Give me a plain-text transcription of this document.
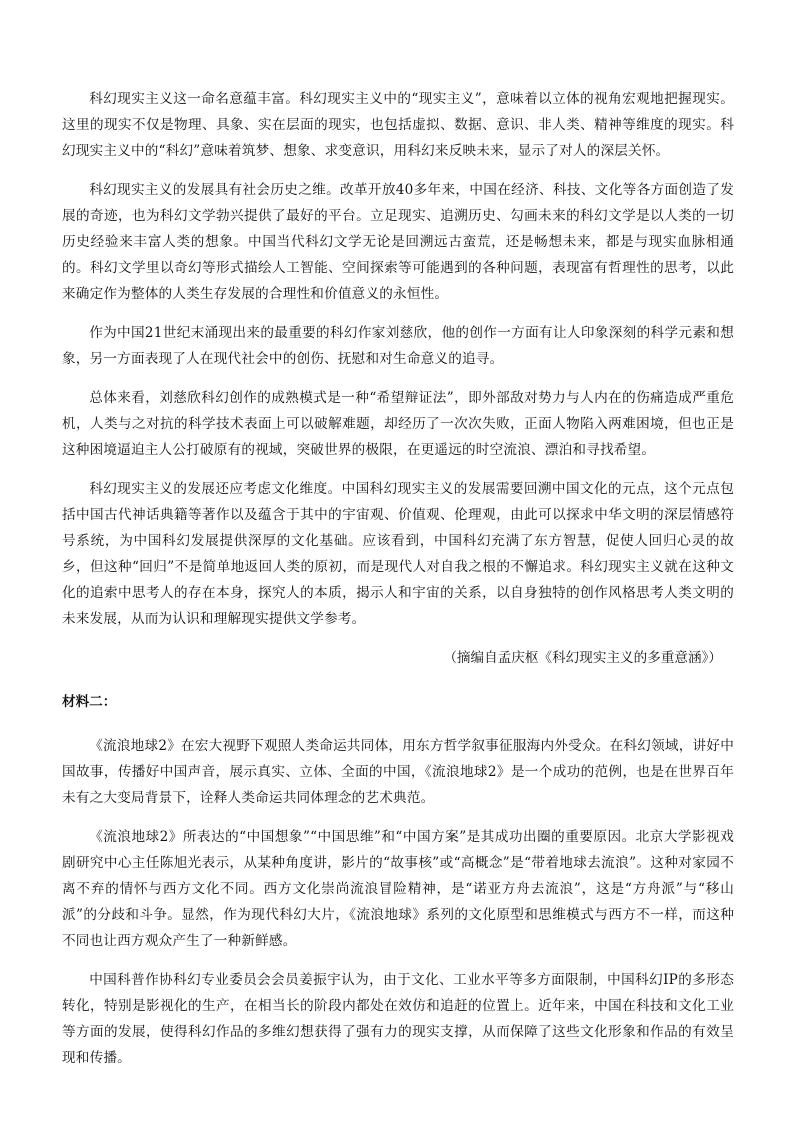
科幻现实主义这一命名意蕴丰富。科幻现实主义中的“现实主义”，意味着以立体的视角宏观地把握现实。这里的现实不仅是物理、具象、实在层面的现实，也包括虚拟、数据、意识、非人类、精神等维度的现实。科幻现实主义中的“科幻”意味着筑梦、想象、求变意识，用科幻来反映未来，显示了对人的深层关怀。

科幻现实主义的发展具有社会历史之维。改革开放40多年来，中国在经济、科技、文化等各方面创造了发展的奇迹，也为科幻文学勃兴提供了最好的平台。立足现实、追溯历史、勾画未来的科幻文学是以人类的一切历史经验来丰富人类的想象。中国当代科幻文学无论是回溯远古蛮荒，还是畅想未来，都是与现实血脉相通的。科幻文学里以奇幻等形式描绘人工智能、空间探索等可能遇到的各种问题，表现富有哲理性的思考，以此来确定作为整体的人类生存发展的合理性和价值意义的永恒性。

作为中国21世纪末涌现出来的最重要的科幻作家刘慈欣，他的创作一方面有让人印象深刻的科学元素和想象，另一方面表现了人在现代社会中的创伤、抚慰和对生命意义的追寻。

总体来看，刘慈欣科幻创作的成熟模式是一种“希望辩证法”，即外部敌对势力与人内在的伤痛造成严重危机，人类与之对抗的科学技术表面上可以破解难题，却经历了一次次失败，正面人物陷入两难困境，但也正是这种困境逼迫主人公打破原有的视域，突破世界的极限，在更遥远的时空流浪、漂泊和寻找希望。

科幻现实主义的发展还应考虑文化维度。中国科幻现实主义的发展需要回溯中国文化的元点，这个元点包括中国古代神话典籍等著作以及蕴含于其中的宇宙观、价值观、伦理观，由此可以探求中华文明的深层情感符号系统，为中国科幻发展提供深厚的文化基础。应该看到，中国科幻充满了东方智慧，促使人回归心灵的故乡，但这种“回归”不是简单地返回人类的原初，而是现代人对自我之根的不懈追求。科幻现实主义就在这种文化的追索中思考人的存在本身，探究人的本质，揭示人和宇宙的关系，以自身独特的创作风格思考人类文明的未来发展，从而为认识和理解现实提供文学参考。

（摘编自孟庆枢《科幻现实主义的多重意涵》）

材料二：

《流浪地球2》在宏大视野下观照人类命运共同体，用东方哲学叙事征服海内外受众。在科幻领域，讲好中国故事，传播好中国声音，展示真实、立体、全面的中国，《流浪地球2》是一个成功的范例，也是在世界百年未有之大变局背景下，诠释人类命运共同体理念的艺术典范。

《流浪地球2》所表达的“中国想象”“中国思维”和“中国方案”是其成功出圈的重要原因。北京大学影视戏剧研究中心主任陈旭光表示，从某种角度讲，影片的“故事核”或“高概念”是“带着地球去流浪”。这种对家园不离不弃的情怀与西方文化不同。西方文化崇尚流浪冒险精神，是“诺亚方舟去流浪”，这是“方舟派”与“移山派”的分歧和斗争。显然，作为现代科幻大片，《流浪地球》系列的文化原型和思维模式与西方不一样，而这种不同也让西方观众产生了一种新鲜感。

中国科普作协科幻专业委员会会员姜振宇认为，由于文化、工业水平等多方面限制，中国科幻IP的多形态转化，特别是影视化的生产，在相当长的阶段内都处在效仿和追赶的位置上。近年来，中国在科技和文化工业等方面的发展，使得科幻作品的多维幻想获得了强有力的现实支撑，从而保障了这些文化形象和作品的有效呈现和传播。
